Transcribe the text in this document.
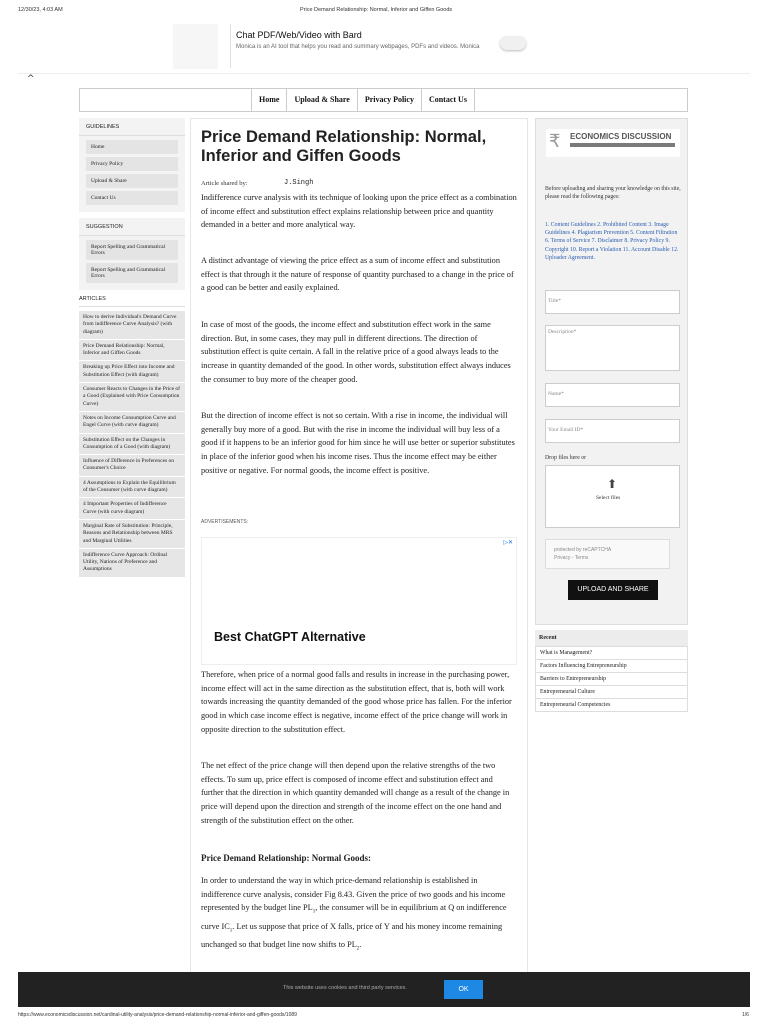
12/30/23, 4:03 AM	Price Demand Relationship: Normal, Inferior and Giffen Goods
Chat PDF/Web/Video with Bard
Monica is an AI tool that helps you read and summary webpages, PDFs and videos. Monica
^
Home	Upload & Share	Privacy Policy	Contact Us
GUIDELINES
Home
Privacy Policy
Upload & Share
Contact Us
SUGGESTION
Report Spelling and Grammatical Errors
Report Spelling and Grammatical Errors
ARTICLES
How to derive Individual's Demand Curve from indifference Curve Analysis? (with diagram)
Price Demand Relationship: Normal, Inferior and Giffen Goods
Breaking up Price Effect into Income and Substitution Effect (with diagram)
Consumer Reacts to Changes in the Price of a Good (Explained with Price Consumption Curve)
Notes on Income Consumption Curve and Engel Curve (with curve diagram)
Substitution Effect on the Changes in Consumption of a Good (with diagram)
Influence of Difference in Preferences on Consumer's Choice
4 Assumptions to Explain the Equilibrium of the Consumer (with curve diagram)
4 Important Properties of Indifference Curve (with curve diagram)
Marginal Rate of Substitution: Principle, Reasons and Relationship between MRS and Marginal Utilities
Indifference Curve Approach: Ordinal Utility, Nations of Preference and Assumptions
Price Demand Relationship: Normal, Inferior and Giffen Goods
Article shared by:	J.Singh

Indifference curve analysis with its technique of looking upon the price effect as a combination of income effect and substitution effect explains relationship between price and quantity demanded in a better and more analytical way.

A distinct advantage of viewing the price effect as a sum of income effect and substitution effect is that through it the nature of response of quantity purchased to a change in the price of a good can be better and easily explained.

In case of most of the goods, the income effect and substitution effect work in the same direction. But, in some cases, they may pull in different directions. The direction of substitution effect is quite certain. A fall in the relative price of a good always leads to the increase in quantity demanded of the good. In other words, substitution effect always induces the consumer to buy more of the cheaper good.

But the direction of income effect is not so certain. With a rise in income, the individual will generally buy more of a good. But with the rise in income the individual will buy less of a good if it happens to be an inferior good for him since he will use better or superior substitutes in place of the inferior good when his income rises. Thus the income effect may be either positive or negative. For normal goods, the income effect is positive.

ADVERTISEMENTS:
▷✕
Best ChatGPT Alternative

Therefore, when price of a normal good falls and results in increase in the purchasing power, income effect will act in the same direction as the substitution effect, that is, both will work towards increasing the quantity demanded of the good whose price has fallen. For the inferior good in which case income effect is negative, income effect of the price change will work in opposite direction to the substitution effect.

The net effect of the price change will then depend upon the relative strengths of the two effects. To sum up, price effect is composed of income effect and substitution effect and further that the direction in which quantity demanded will change as a result of the change in price will depend upon the direction and strength of the income effect on the one hand and strength of the substitution effect on the other.

Price Demand Relationship: Normal Goods:

In order to understand the way in which price-demand relationship is established in indifference curve analysis, consider Fig 8.43. Given the price of two goods and his income represented by the budget line $PL_1$, the consumer will be in equilibrium at Q on indifference curve $IC_1$. Let us suppose that price of X falls, price of Y and his money income remaining unchanged so that budget line now shifts to $PL_2$.

₹ ECONOMICS DISCUSSION
Before uploading and sharing your knowledge on this site, please read the following pages:
1. Content Guidelines 2. Prohibited Content 3. Image Guidelines 4. Plagiarism Prevention 5. Content Filtration 6. Terms of Service 7. Disclaimer 8. Privacy Policy 9. Copyright 10. Report a Violation 11. Account Disable 12. Uploader Agreement.
Title*
Description*
Name*
Your Email ID*
Drop files here or
⬆
Select files
protected by reCAPTCHA
Privacy - Terms
UPLOAD AND SHARE
Recent
What is Management?
Factors Influencing Entrepreneurship
Barriers to Entrepreneurship
Entrepreneurial Culture
Entrepreneurial Competencies
This website uses cookies and third party services.	OK
https://www.economicsdiscussion.net/cardinal-utility-analysis/price-demand-relationship-normal-inferior-and-giffen-goods/1089	1/6
